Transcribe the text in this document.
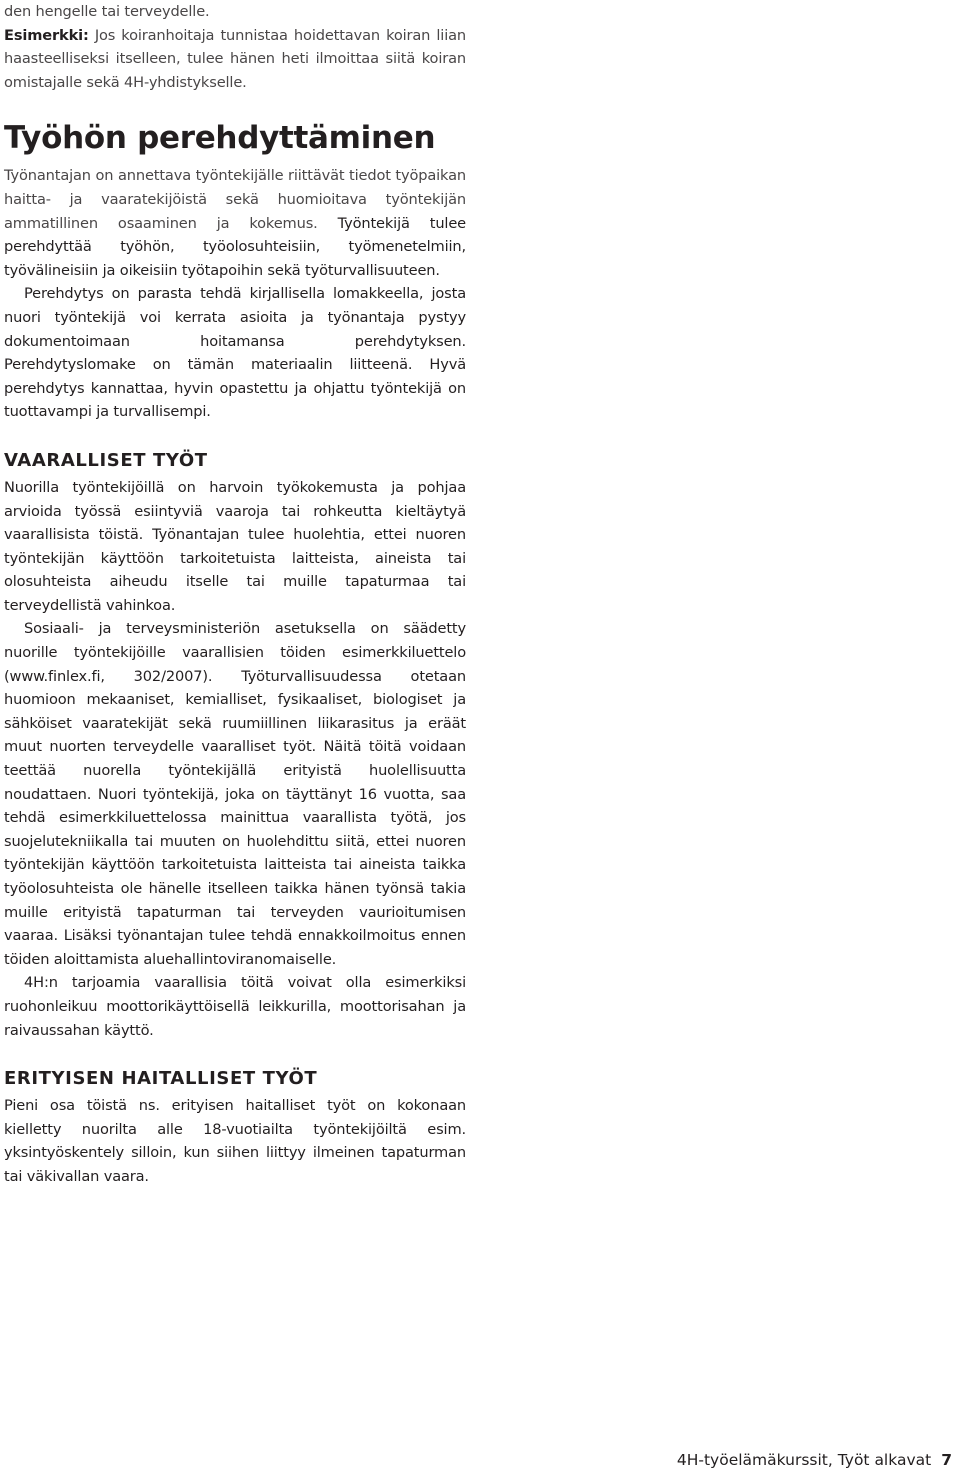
den hengelle tai terveydelle.

Esimerkki: Jos koiranhoitaja tunnistaa hoidettavan koiran liian haasteelliseksi itselleen, tulee hänen heti ilmoittaa siitä koiran omistajalle sekä 4H-yhdistykselle.

Työhön perehdyttäminen

Työnantajan on annettava työntekijälle riittävät tiedot työpaikan haitta- ja vaaratekijöistä sekä huomioitava työntekijän ammatillinen osaaminen ja kokemus. Työntekijä tulee perehdyttää työhön, työolosuhteisiin, työmenetelmiin, työvälineisiin ja oikeisiin työtapoihin sekä työturvallisuuteen.

Perehdytys on parasta tehdä kirjallisella lomakkeella, josta nuori työntekijä voi kerrata asioita ja työnantaja pystyy dokumentoimaan hoitamansa perehdytyksen. Perehdytyslomake on tämän materiaalin liitteenä. Hyvä perehdytys kannattaa, hyvin opastettu ja ohjattu työntekijä on tuottavampi ja turvallisempi.

VAARALLISET TYÖT

Nuorilla työntekijöillä on harvoin työkokemusta ja pohjaa arvioida työssä esiintyviä vaaroja tai rohkeutta kieltäytyä vaarallisista töistä. Työnantajan tulee huolehtia, ettei nuoren työntekijän käyttöön tarkoitetuista laitteista, aineista tai olosuhteista aiheudu itselle tai muille tapaturmaa tai terveydellistä vahinkoa.

Sosiaali- ja terveysministeriön asetuksella on säädetty nuorille työntekijöille vaarallisien töiden esimerkkiluettelo (www.finlex.fi, 302/2007). Työturvallisuudessa otetaan huomioon mekaaniset, kemialliset, fysikaaliset, biologiset ja sähköiset vaaratekijät sekä ruumiillinen liikarasitus ja eräät muut nuorten terveydelle vaaralliset työt. Näitä töitä voidaan teettää nuorella työntekijällä erityistä huolellisuutta noudattaen. Nuori työntekijä, joka on täyttänyt 16 vuotta, saa tehdä esimerkkiluettelossa mainittua vaarallista työtä, jos suojelutekniikalla tai muuten on huolehdittu siitä, ettei nuoren työntekijän käyttöön tarkoitetuista laitteista tai aineista taikka työolosuhteista ole hänelle itselleen taikka hänen työnsä takia muille erityistä tapaturman tai terveyden vaurioitumisen vaaraa. Lisäksi työnantajan tulee tehdä ennakkoilmoitus ennen töiden aloittamista aluehallintoviranomaiselle.

4H:n tarjoamia vaarallisia töitä voivat olla esimerkiksi ruohonleikuu moottorikäyttöisellä leikkurilla, moottorisahan ja raivaussahan käyttö.

ERITYISEN HAITALLISET TYÖT

Pieni osa töistä ns. erityisen haitalliset työt on kokonaan kielletty nuorilta alle 18-vuotiailta työntekijöiltä esim. yksintyöskentely silloin, kun siihen liittyy ilmeinen tapaturman tai väkivallan vaara.

4H-työelämäkurssit, Työt alkavat 7
